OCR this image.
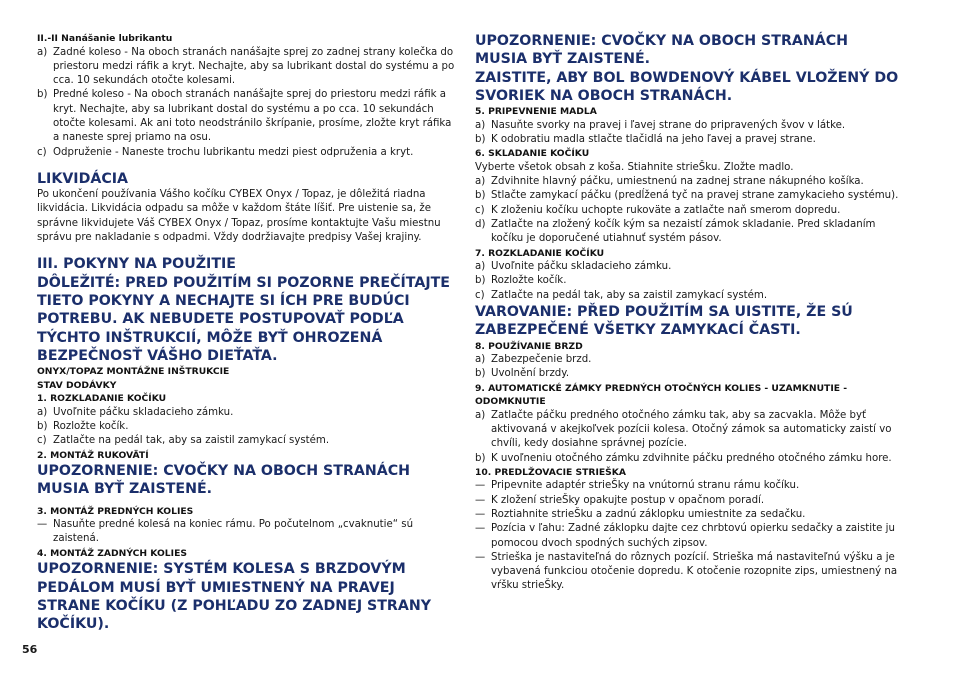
II.-II Nanášanie lubrikantu

a) Zadné koleso - Na oboch stranách nanášajte sprej zo zadnej strany kolečka do priestoru medzi ráfik a kryt. Nechajte, aby sa lubrikant dostal do systému a po cca. 10 sekundách otočte kolesami.

b) Predné koleso - Na oboch stranách nanášajte sprej do priestoru medzi ráfik a kryt. Nechajte, aby sa lubrikant dostal do systému a po cca. 10 sekundách otočte kolesami. Ak ani toto neodstránilo škrípanie, prosíme, zložte kryt ráfika a naneste sprej priamo na osu.

c) Odpruženie - Naneste trochu lubrikantu medzi piest odpruženia a kryt.

LIKVIDÁCIA

Po ukončení používania Vášho kočíku CYBEX Onyx / Topaz, je dôležitá riadna likvidácia. Likvidácia odpadu sa môže v každom štáte líšiť. Pre uistenie sa, že správne likvidujete Váš CYBEX Onyx / Topaz, prosíme kontaktujte Vašu miestnu správu pre nakladanie s odpadmi. Vždy dodržiavajte predpisy Vašej krajiny.

III. POKYNY NA POUŽITIE
DÔLEŽITÉ: PRED POUŽITÍM SI POZORNE PREČÍTAJTE TIETO POKYNY A NECHAJTE SI ÍCH PRE BUDÚCI POTREBU. AK NEBUDETE POSTUPOVAŤ PODĽA TÝCHTO INŠTRUKCIÍ, MÔŽE BYŤ OHROZENÁ BEZPEČNOSŤ VÁŠHO DIEŤAŤA.
ONYX/TOPAZ MONTÁŽNE INŠTRUKCIE
STAV DODÁVKY
1. ROZKLADANIE KOČÍKU

a) Uvoľnite páčku skladacieho zámku.

b) Rozložte kočík.

c) Zatlačte na pedál tak, aby sa zaistil zamykací systém.

2. MONTÁŽ RUKOVÄTÍ
UPOZORNENIE: CVOČKY NA OBOCH STRANÁCH MUSIA BYŤ ZAISTENÉ.
3. MONTÁŽ PREDNÝCH KOLIES

— Nasuňte predné kolesá na koniec rámu. Po počutelnom „cvaknutie“ sú zaistená.

4. MONTÁŽ ZADNÝCH KOLIES
UPOZORNENIE: SYSTÉM KOLESA S BRZDOVÝM PEDÁLOM MUSÍ BYŤ UMIESTNENÝ NA PRAVEJ STRANE KOČÍKU (Z POHĽADU ZO ZADNEJ STRANY KOČÍKU).
UPOZORNENIE: CVOČKY NA OBOCH STRANÁCH MUSIA BYŤ ZAISTENÉ.
ZAISTITE, ABY BOL BOWDENOVÝ KÁBEL VLOŽENÝ DO SVORIEK NA OBOCH STRANÁCH.
5. PRIPEVNENIE MADLA

a) Nasuňte svorky na pravej i ľavej strane do pripravených švov v látke.

b) K odobratiu madla stlačte tlačidlá na jeho ľavej a pravej strane.

6. SKLADANIE KOČÍKU

Vyberte všetok obsah z koša. Stiahnite strieŠku. Zložte madlo.

a) Zdvihnite hlavný páčku, umiestnenú na zadnej strane nákupného košíka.

b) Stlačte zamykací páčku (predĺžená tyč na pravej strane zamykacieho systému).

c) K zloženiu kočíku uchopte rukoväte a zatlačte naň smerom dopredu.

d) Zatlačte na zložený kočík kým sa nezaistí zámok skladanie. Pred skladaním kočíku je doporučené utiahnuť systém pásov.

7. ROZKLADANIE KOČÍKU

a) Uvoľnite páčku skladacieho zámku.

b) Rozložte kočík.

c) Zatlačte na pedál tak, aby sa zaistil zamykací systém.

VAROVANIE: PŘED POUŽITÍM SA UISTITE, ŽE SÚ ZABEZPEČENÉ VŠETKY ZAMYKACÍ ČASTI.
8. POUŽÍVANIE BRZD

a) Zabezpečenie brzd.

b) Uvolnění brzdy.

9. AUTOMATICKÉ ZÁMKY PREDNÝCH OTOČNÝCH KOLIES - UZAMKNUTIE - ODOMKNUTIE

a) Zatlačte páčku predného otočného zámku tak, aby sa zacvakla. Môže byť aktivovaná v akejkoľvek pozícii kolesa. Otočný zámok sa automaticky zaistí vo chvíli, kedy dosiahne správnej pozície.

b) K uvoľneniu otočného zámku zdvihnite páčku predného otočného zámku hore.

10. PREDLŽOVACIE STRIEŠKA

— Pripevnite adaptér strieŠky na vnútornú stranu rámu kočíku.

— K zložení strieŠky opakujte postup v opačnom poradí.

— Roztiahnite strieŠku a zadnú záklopku umiestnite za sedačku.

— Pozícia v ľahu: Zadné záklopku dajte cez chrbtovú opierku sedačky a zaistite ju pomocou dvoch spodných suchých zipsov.

— Strieška je nastaviteľná do rôznych pozícií. Strieška má nastaviteľnú výšku a je vybavená funkciou otočenie dopredu. K otočenie rozopnite zips, umiestnený na vŕšku strieŠky.

56
